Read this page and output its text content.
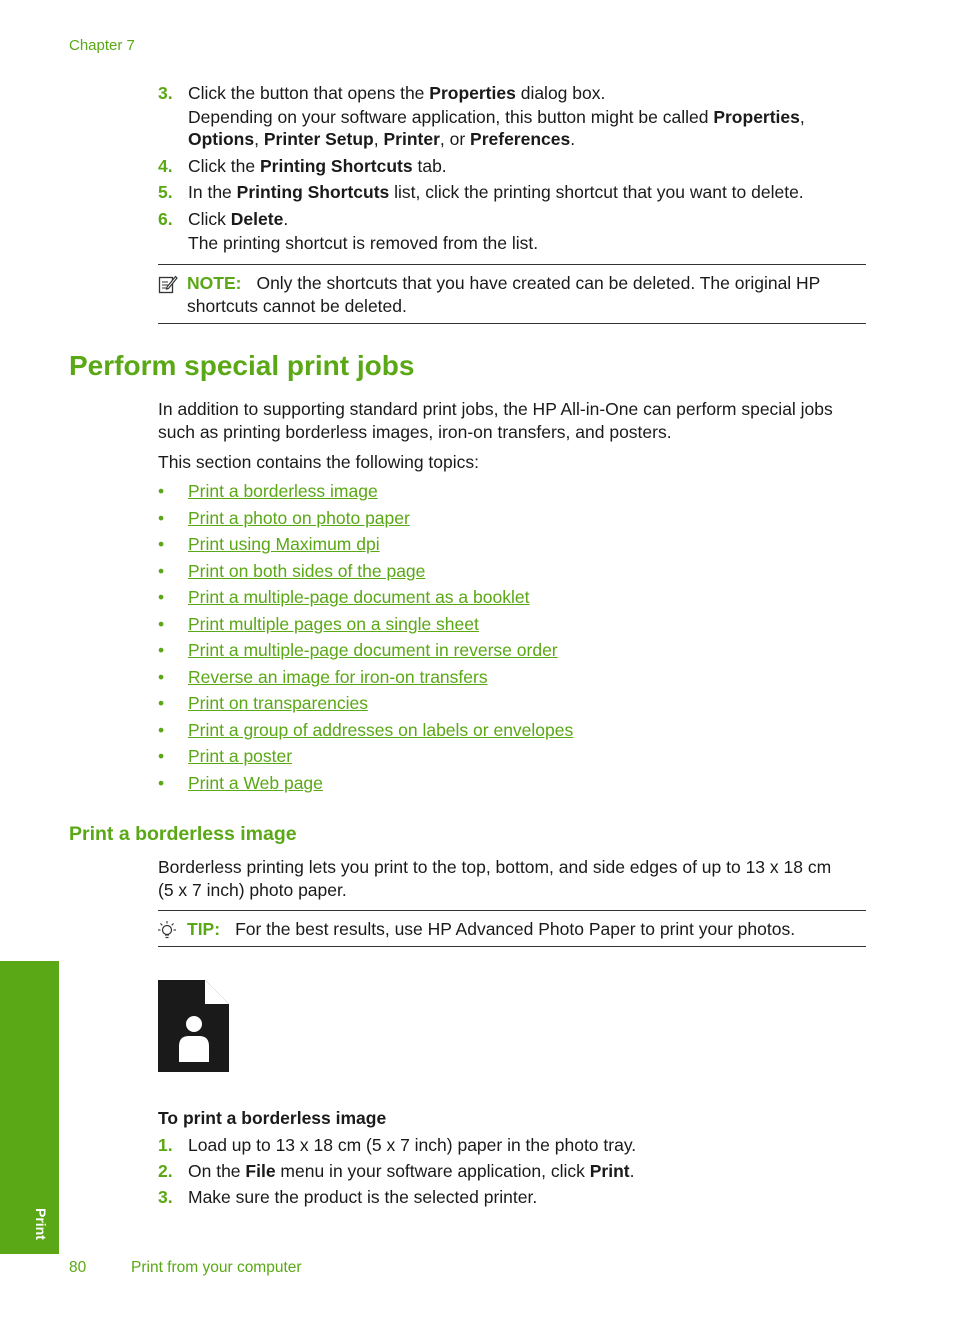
Chapter 7
3. Click the button that opens the Properties dialog box.
Depending on your software application, this button might be called Properties,
Options, Printer Setup, Printer, or Preferences.
4. Click the Printing Shortcuts tab.
5. In the Printing Shortcuts list, click the printing shortcut that you want to delete.
6. Click Delete.
The printing shortcut is removed from the list.
NOTE: Only the shortcuts that you have created can be deleted. The original HP
shortcuts cannot be deleted.
Perform special print jobs
In addition to supporting standard print jobs, the HP All-in-One can perform special jobs
such as printing borderless images, iron-on transfers, and posters.
This section contains the following topics:
• Print a borderless image
• Print a photo on photo paper
• Print using Maximum dpi
• Print on both sides of the page
• Print a multiple-page document as a booklet
• Print multiple pages on a single sheet
• Print a multiple-page document in reverse order
• Reverse an image for iron-on transfers
• Print on transparencies
• Print a group of addresses on labels or envelopes
• Print a poster
• Print a Web page
Print a borderless image
Borderless printing lets you print to the top, bottom, and side edges of up to 13 x 18 cm
(5 x 7 inch) photo paper.
TIP: For the best results, use HP Advanced Photo Paper to print your photos.
To print a borderless image
1. Load up to 13 x 18 cm (5 x 7 inch) paper in the photo tray.
2. On the File menu in your software application, click Print.
3. Make sure the product is the selected printer.
Print
80	Print from your computer
